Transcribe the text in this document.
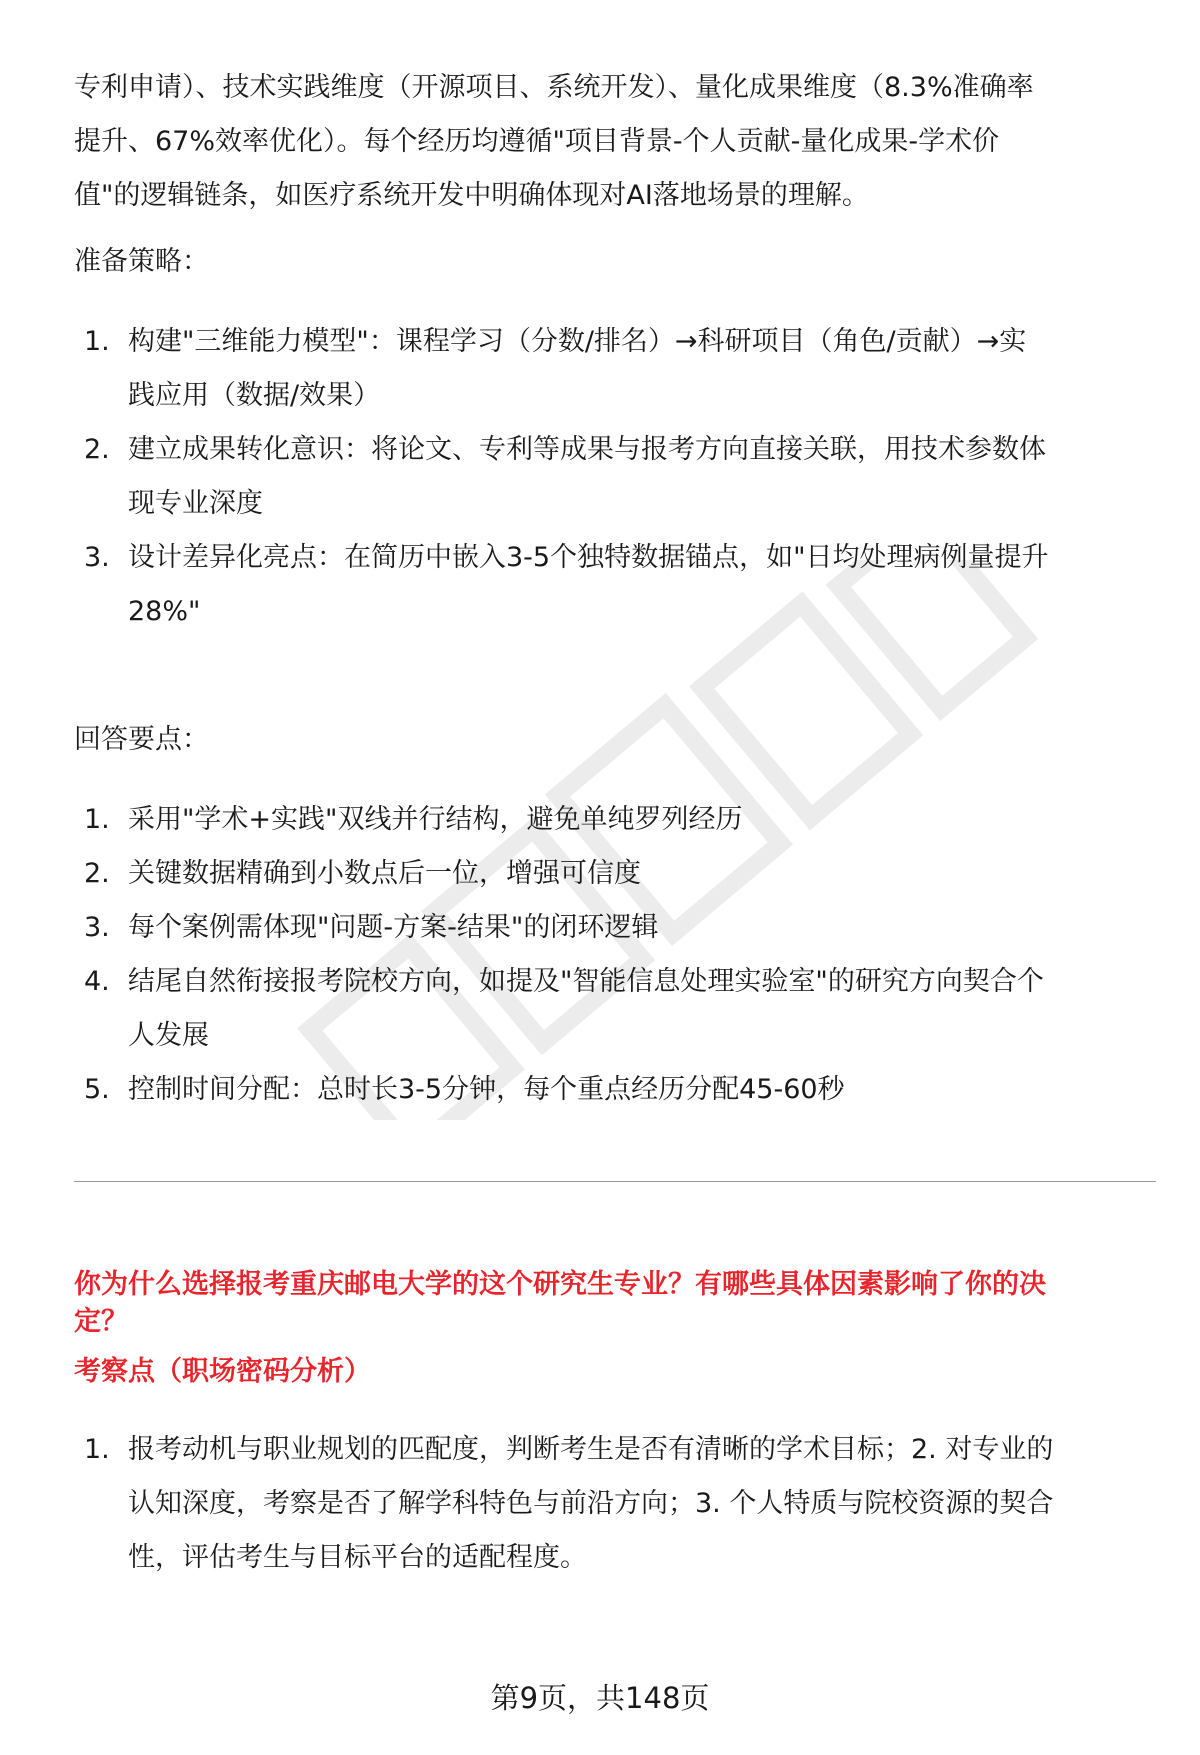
专利申请）、技术实践维度（开源项目、系统开发）、量化成果维度（8.3%准确率
提升、67%效率优化）。每个经历均遵循"项目背景-个人贡献-量化成果-学术价
值"的逻辑链条，如医疗系统开发中明确体现对AI落地场景的理解。
准备策略：
1. 构建"三维能力模型"：课程学习（分数/排名）→科研项目（角色/贡献）→实
践应用（数据/效果）
2. 建立成果转化意识：将论文、专利等成果与报考方向直接关联，用技术参数体
现专业深度
3. 设计差异化亮点：在简历中嵌入3-5个独特数据锚点，如"日均处理病例量提升
28%"
回答要点：
1. 采用"学术+实践"双线并行结构，避免单纯罗列经历
2. 关键数据精确到小数点后一位，增强可信度
3. 每个案例需体现"问题-方案-结果"的闭环逻辑
4. 结尾自然衔接报考院校方向，如提及"智能信息处理实验室"的研究方向契合个
人发展
5. 控制时间分配：总时长3-5分钟，每个重点经历分配45-60秒
你为什么选择报考重庆邮电大学的这个研究生专业？有哪些具体因素影响了你的决
定？
考察点（职场密码分析）
1. 报考动机与职业规划的匹配度，判断考生是否有清晰的学术目标；2. 对专业的
认知深度，考察是否了解学科特色与前沿方向；3. 个人特质与院校资源的契合
性，评估考生与目标平台的适配程度。
第9页，共148页
